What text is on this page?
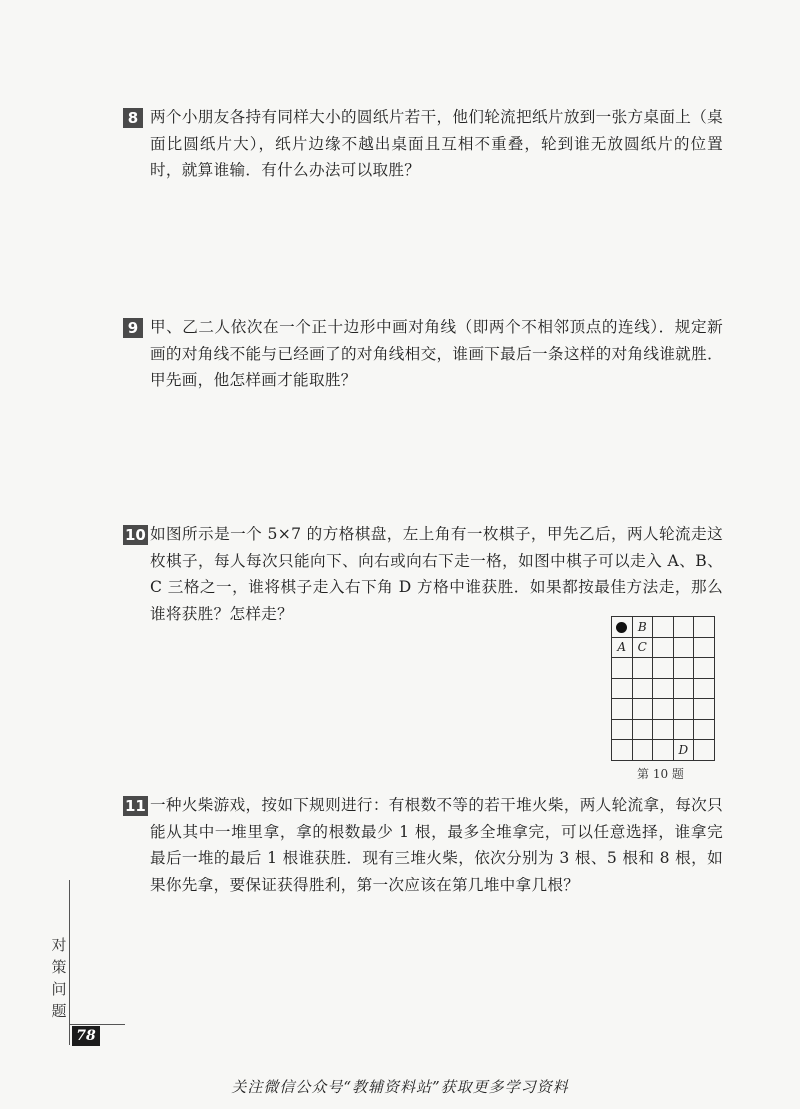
8 两个小朋友各持有同样大小的圆纸片若干，他们轮流把纸片放到一张方桌面上（桌面比圆纸片大），纸片边缘不越出桌面且互相不重叠，轮到谁无放圆纸片的位置时，就算谁输．有什么办法可以取胜？
9 甲、乙二人依次在一个正十边形中画对角线（即两个不相邻顶点的连线）．规定新画的对角线不能与已经画了的对角线相交，谁画下最后一条这样的对角线谁就胜．甲先画，他怎样画才能取胜？
10 如图所示是一个 5×7 的方格棋盘，左上角有一枚棋子，甲先乙后，两人轮流走这枚棋子，每人每次只能向下、向右或向右下走一格，如图中棋子可以走入 A、B、C 三格之一，谁将棋子走入右下角 D 方格中谁获胜．如果都按最佳方法走，那么谁将获胜？怎样走？
	B			
A	C			

			D	
第 10 题
11 一种火柴游戏，按如下规则进行：有根数不等的若干堆火柴，两人轮流拿，每次只能从其中一堆里拿，拿的根数最少 1 根，最多全堆拿完，可以任意选择，谁拿完最后一堆的最后 1 根谁获胜．现有三堆火柴，依次分别为 3 根、5 根和 8 根，如果你先拿，要保证获得胜利，第一次应该在第几堆中拿几根？
对
策
问
题
78
关注微信公众号“教辅资料站”获取更多学习资料
